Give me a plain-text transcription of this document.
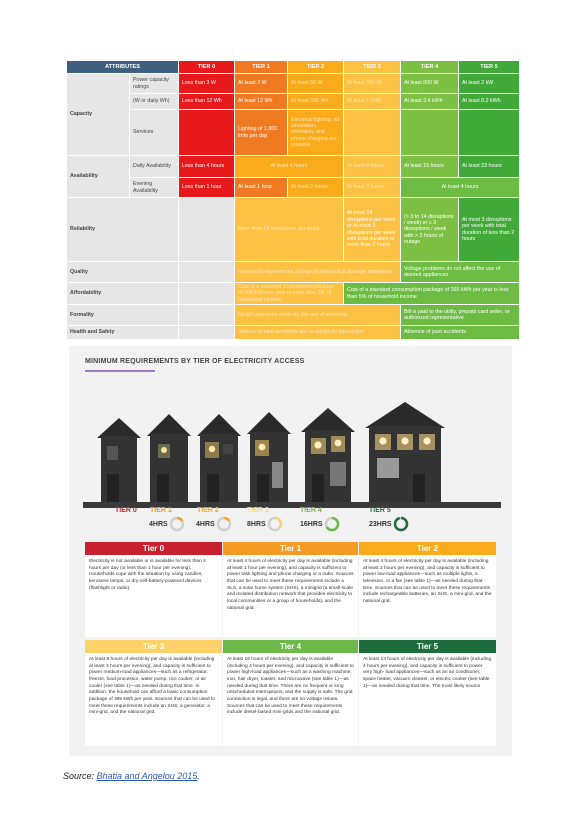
ATTRIBUTES		TIER 0	TIER 1	TIER 2	TIER 3	TIER 4	TIER 5
Capacity	Power capacity ratings	Less than 3 W	At least 3 W	At least 50 W	At least 200 W	At least 800 W	At least 2 kW
	(W or daily Wh)	Less than 12 Wh	At least 12 Wh	At least 200 Wh	At least 1 kWh	At least 3.4 kWh	At least 8.2 kWh
	Services		Lighting of 1,000 lmhr per day	Electrical lighting, air circulation, television, and phone charging are possible			
Availability	Daily Availability	Less than 4 hours	At least 4 hours		At least 8 hours	At least 16 hours	At least 23 hours
	Evening Availability	Less than 1 hour	At least 1 hour	At least 2 hours	At least 3 hours	At least 4 hours	
Reliability			More than 14 disruptions per week		At most 14 disruptions per week or At most 3 disruptions per week with total duration of more than 2 hours	(> 3 to 14 disruptions / week) or ≤ 3 disruptions / week with > 2 hours of outage	At most 3 disruptions per week with total duration of less than 2 hours
Quality			Household experiences voltage problems that damage appliances			Voltage problems do not affect the use of desired appliances	
Affordability			Cost of a standard consumption package of 365 kWh per year is more than 5% of household income		Cost of a standard consumption package of 365 kWh per year is less than 5% of household income		
Formality			No bill payments made for the use of electricity			Bill is paid to the utility, prepaid card seller, or authorized representative	
Health and Safety			Serious or fatal accidents due to electricity connection			Absence of past accidents	
MINIMUM REQUIREMENTS BY TIER OF ELECTRICITY ACCESS
TIER 0 TIER 1	TIER 2	TIER 3	TIER 4	TIER 5
4HRS	4HRS	8HRS	16HRS	23HRS
Tier 0
Electricity is not available or is available for less than 4 hours per day (or less than 1 hour per evening). Households cope with the situation by using candles, kerosene lamps, or dry-cell-battery-powered devices (flashlight or radio).
Tier 1
At least 4 hours of electricity per day is available (including at least 1 hour per evening), and capacity is sufficient to power task lighting and phone charging or a radio. Sources that can be used to meet these requirements include a SLS, a solar home system (SHS), a minigrid (a small-scale and isolated distribution network that provides electricity to local communities or a group of households), and the national grid.
Tier 2
At least 4 hours of electricity per day is available (including at least 2 hours per evening), and capacity is sufficient to power low-load appliances—such as multiple lights, a television, or a fan (see table 1)—as needed during that time. Sources that can be used to meet these requirements include rechargeable batteries, an SHS, a mini-grid, and the national grid.
Tier 3
At least 8 hours of electricity per day is available (including at least 3 hours per evening), and capacity is sufficient to power medium-load appliances—such as a refrigerator, freezer, food processor, water pump, rice cooker, or air cooler (see table 1)—as needed during that time. In addition, the household can afford a basic consumption package of 365 kWh per year. Sources that can be used to meet these requirements include an SHS, a generator, a mini-grid, and the national grid.
Tier 4
At least 16 hours of electricity per day is available (including 4 hours per evening), and capacity is sufficient to power high-load appliances—such as a washing machine, iron, hair dryer, toaster, and microwave (see table 1)—as needed during that time. There are no frequent or long unscheduled interruptions, and the supply is safe. The grid connection is legal, and there are no voltage issues. Sources that can be used to meet these requirements include diesel-based mini-grids and the national grid.
Tier 5
At least 23 hours of electricity per day is available (including 4 hours per evening), and capacity is sufficient to power very high- load appliances—such as an air conditioner, space heater, vacuum cleaner, or electric cooker (see table 1)—as needed during that time. The most likely source
Source: Bhatia and Angelou 2015.
